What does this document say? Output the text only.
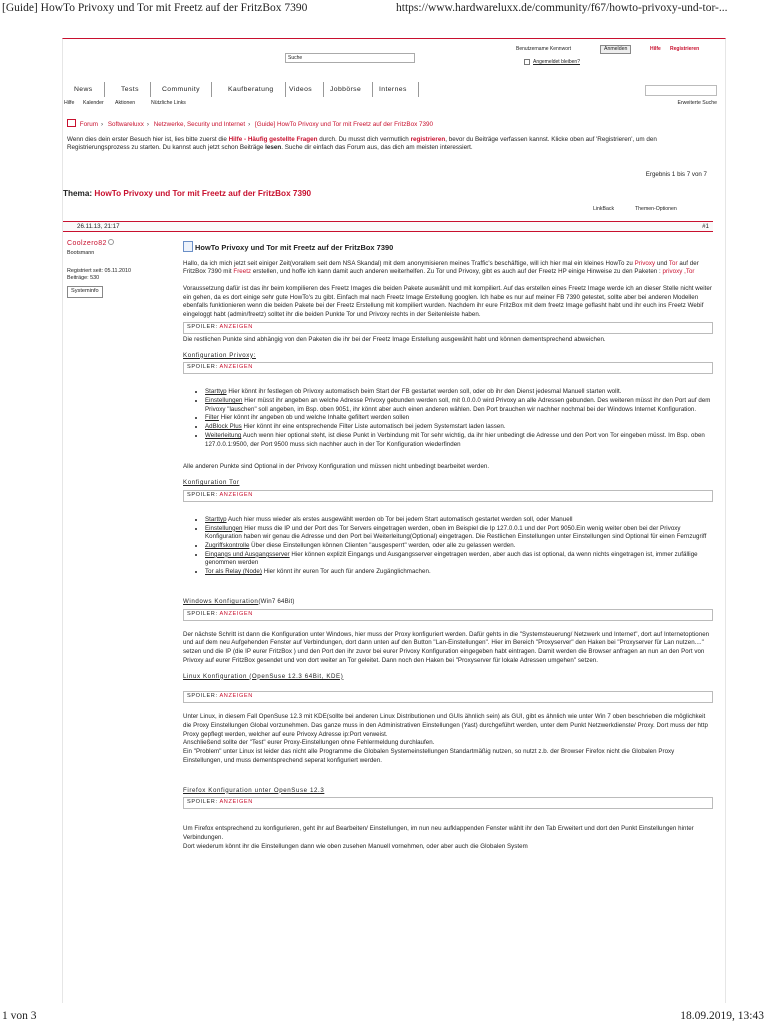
[Guide] HowTo Privoxy und Tor mit Freetz auf der FritzBox 7390	https://www.hardwareluxx.de/community/f67/howto-privoxy-und-tor-...
Suche
Benutzername Kennwort	Anmelden	Hilfe Registrieren
Angemeldet bleiben?
News	Tests	Community	Kaufberatung	Videos	Jobbörse	Internes
Hilfe Kalender Aktionen	Nützliche Links	Erweiterte Suche
Forum › Softwareluxx › Netzwerke, Security und Internet › [Guide] HowTo Privoxy und Tor mit Freetz auf der FritzBox 7390
Wenn dies dein erster Besuch hier ist, lies bitte zuerst die Hilfe - Häufig gestellte Fragen durch. Du musst dich vermutlich registrieren, bevor du Beiträge verfassen kannst. Klicke oben auf 'Registrieren', um den Registrierungsprozess zu starten. Du kannst auch jetzt schon Beiträge lesen. Suche dir einfach das Forum aus, das dich am meisten interessiert.
Ergebnis 1 bis 7 von 7
Thema: HowTo Privoxy und Tor mit Freetz auf der FritzBox 7390
LinkBack	Themen-Optionen
26.11.13, 21:17	#1
Coolzero82
Bootsmann
Registriert seit: 05.11.2010
Beiträge: 530
Systeminfo
HowTo Privoxy und Tor mit Freetz auf der FritzBox 7390

Hallo, da ich mich jetzt seit einiger Zeit(vorallem seit dem NSA Skandal) mit dem anonymisieren meines Traffic's beschäftige, will ich hier mal ein kleines HowTo zu Privoxy und Tor auf der FritzBox 7390 mit Freetz erstellen, und hoffe ich kann damit auch anderen weiterhelfen. Zu Tor und Privoxy, gibt es auch auf der Freetz HP einige Hinweise zu den Paketen : privoxy ,Tor

Voraussetzung dafür ist das ihr beim kompilieren des Freetz Images die beiden Pakete auswählt und mit kompiliert. Auf das erstellen eines Freetz Image werde ich an dieser Stelle nicht weiter ein gehen, da es dort einige sehr gute HowTo's zu gibt. Einfach mal nach Freetz Image Erstellung googlen. Ich habe es nur auf meiner FB 7390 getestet, sollte aber bei anderen Modellen ebenfalls funktionieren wenn die beiden Pakete bei der Freetz Erstellung mit kompiliert wurden. Nachdem ihr eure FritzBox mit dem freetz Image geflasht habt und ihr euch ins Freetz Webif eingeloggt habt (admin/freetz) solltet ihr die beiden Punkte Tor und Privoxy rechts in der Seitenleiste haben.

SPOILER: ANZEIGEN

Die restlichen Punkte sind abhängig von den Paketen die ihr bei der Freetz Image Erstellung ausgewählt habt und können dementsprechend abweichen.

Konfiguration Privoxy:
SPOILER: ANZEIGEN
• Starttyp Hier könnt ihr festlegen ob Privoxy automatisch beim Start der FB gestartet werden soll, oder ob ihr den Dienst jedesmal Manuell starten wollt.
• Einstellungen Hier müsst ihr angeben an welche Adresse Privoxy gebunden werden soll, mit 0.0.0.0 wird Privoxy an alle Adressen gebunden. Des weiteren müsst ihr den Port auf dem Privoxy "lauschen" soll angeben, im Bsp. oben 9051, ihr könnt aber auch einen anderen wählen. Den Port brauchen wir nachher nochmal bei der Windows Internet Konfiguration.
• Filter Hier könnt ihr angeben ob und welche Inhalte gefiltert werden sollen
• AdBlock Plus Hier könnt ihr eine entsprechende Filter Liste automatisch bei jedem Systemstart laden lassen.
• Weiterleitung Auch wenn hier optional steht, ist diese Punkt in Verbindung mit Tor sehr wichtig, da ihr hier unbedingt die Adresse und den Port von Tor eingeben müsst. Im Bsp. oben 127.0.0.1:9500, der Port 9500 muss sich nachher auch in der Tor Konfiguration wiederfinden

Alle anderen Punkte sind Optional in der Privoxy Konfiguration und müssen nicht unbedingt bearbeitet werden.

Konfiguration Tor
SPOILER: ANZEIGEN
• Starttyp Auch hier muss wieder als erstes ausgewählt werden ob Tor bei jedem Start automatisch gestartet werden soll, oder Manuell
• Einstellungen Hier muss die IP und der Port des Tor Servers eingetragen werden, oben im Beispiel die Ip 127.0.0.1 und der Port 9050.Ein wenig weiter oben bei der Privoxy Konfiguration haben wir genau die Adresse und den Port bei Weiterleitung(Optional) eingetragen. Die Restlichen Einstellungen unter Einstellungen sind Optional für einen Fernzugriff
• Zugriffskontrolle Über diese Einstellungen können Clienten "ausgesperrt" werden, oder alle zu gelassen werden.
• Eingangs und Ausgangsserver Hier können explizit Eingangs und Ausgangsserver eingetragen werden, aber auch das ist optional, da wenn nichts eingetragen ist, immer zufällige genommen werden
• Tor als Relay (Node) Hier könnt ihr euren Tor auch für andere Zugänglichmachen.
Windows Konfiguration(Win7 64Bit)
SPOILER: ANZEIGEN

Der nächste Schritt ist dann die Konfiguration unter Windows, hier muss der Proxy konfiguriert werden. Dafür gehts in die "Systemsteuerung/ Netzwerk und Internet", dort auf Internetoptionen und auf dem neu Aufgehenden Fenster auf Verbindungen, dort dann unten auf den Button "Lan-Einstellungen". Hier im Bereich "Proxyserver" den Haken bei "Proxyserver für Lan nutzen...." setzen und die IP (die IP eurer FritzBox ) und den Port den ihr zuvor bei eurer Privoxy Konfiguration eingegeben habt eintragen. Damit werden die Browser anfragen an nun an den Port von Privoxy auf eurer FritzBox gesendet und von dort weiter an Tor geleitet. Dann noch den Haken bei "Proxyserver für lokale Adressen umgehen" setzen.

Linux Konfiguration (OpenSuse 12.3 64Bit, KDE)
SPOILER: ANZEIGEN

Unter Linux, in diesem Fall OpenSuse 12.3 mit KDE(sollte bei anderen Linux Distributionen und GUIs ähnlich sein) als GUI, gibt es ähnlich wie unter Win 7 oben beschrieben die möglichkeit die Proxy Einstellungen Global vorzunehmen. Das ganze muss in den Administrativen Einstellungen (Yast) durchgeführt werden, unter dem Punkt Netzwerkdienste/ Proxy. Dort muss der http Proxy gepflegt werden, welcher auf eure Privoxy Adresse ip:Port verweist.

Anschließend sollte der "Test" eurer Proxy-Einstellungen ohne Fehlermeldung durchlaufen.

Ein "Problem" unter Linux ist leider das nicht alle Programme die Globalen Systemeinstellungen Standartmäßig nutzen, so nutzt z.b. der Browser Firefox nicht die Globalen Proxy Einstellungen, und muss dementsprechend seperat konfiguriert werden.

Firefox Konfiguration unter OpenSuse 12.3
SPOILER: ANZEIGEN

Um Firefox entsprechend zu konfigurieren, geht ihr auf Bearbeiten/ Einstellungen, im nun neu aufklappenden Fenster wählt ihr den Tab Erweitert und dort den Punkt Einstellungen hinter Verbindungen.

Dort wiederum könnt ihr die Einstellungen dann wie oben zusehen Manuell vornehmen, oder aber auch die Globalen System

1 von 3	18.09.2019, 13:43
